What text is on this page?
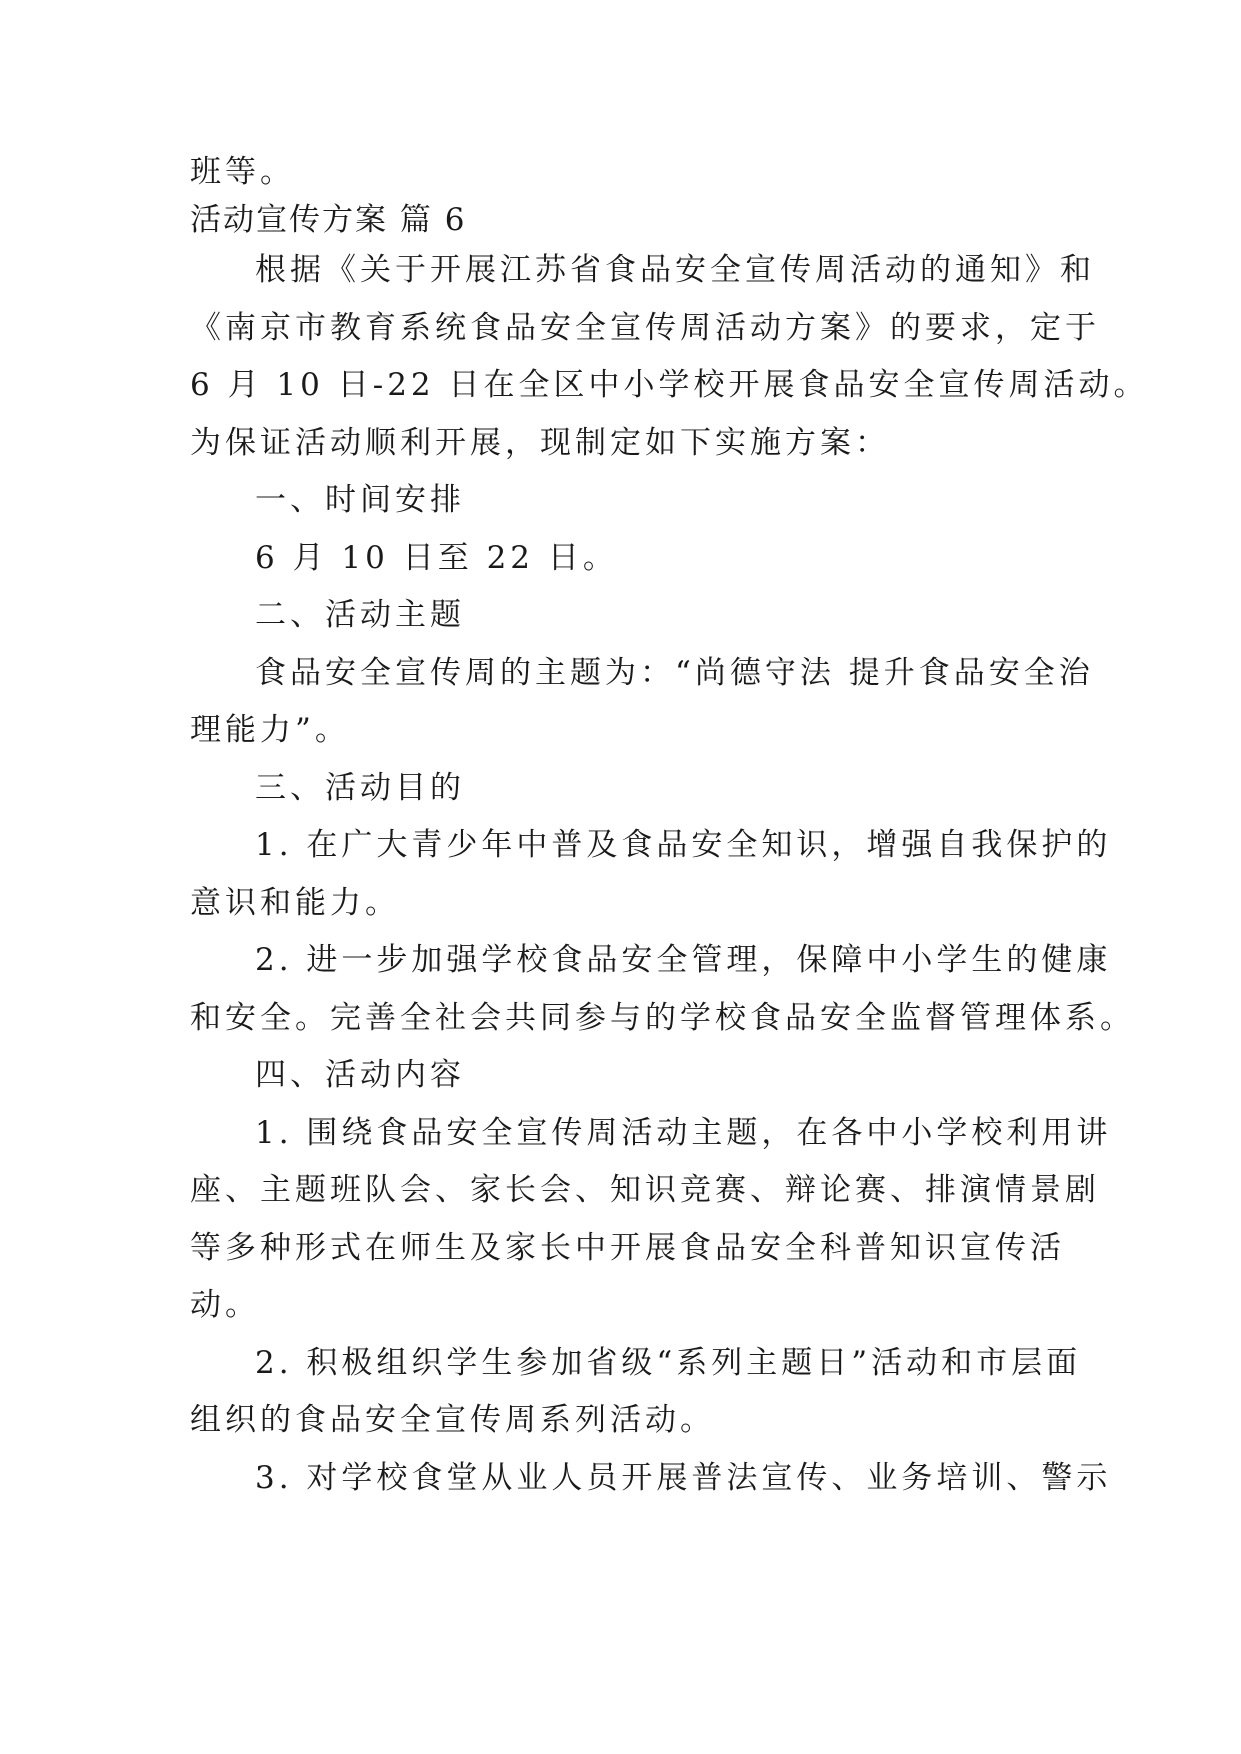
班等。
活动宣传方案 篇 6
根据《关于开展江苏省食品安全宣传周活动的通知》和
《南京市教育系统食品安全宣传周活动方案》的要求，定于
6 月 10 日-22 日在全区中小学校开展食品安全宣传周活动。
为保证活动顺利开展，现制定如下实施方案：
一、时间安排
6 月 10 日至 22 日。
二、活动主题
食品安全宣传周的主题为：“尚德守法 提升食品安全治
理能力”。
三、活动目的
1. 在广大青少年中普及食品安全知识，增强自我保护的
意识和能力。
2. 进一步加强学校食品安全管理，保障中小学生的健康
和安全。完善全社会共同参与的学校食品安全监督管理体系。
四、活动内容
1. 围绕食品安全宣传周活动主题，在各中小学校利用讲
座、主题班队会、家长会、知识竞赛、辩论赛、排演情景剧
等多种形式在师生及家长中开展食品安全科普知识宣传活
动。
2. 积极组织学生参加省级“系列主题日”活动和市层面
组织的食品安全宣传周系列活动。
3. 对学校食堂从业人员开展普法宣传、业务培训、警示
